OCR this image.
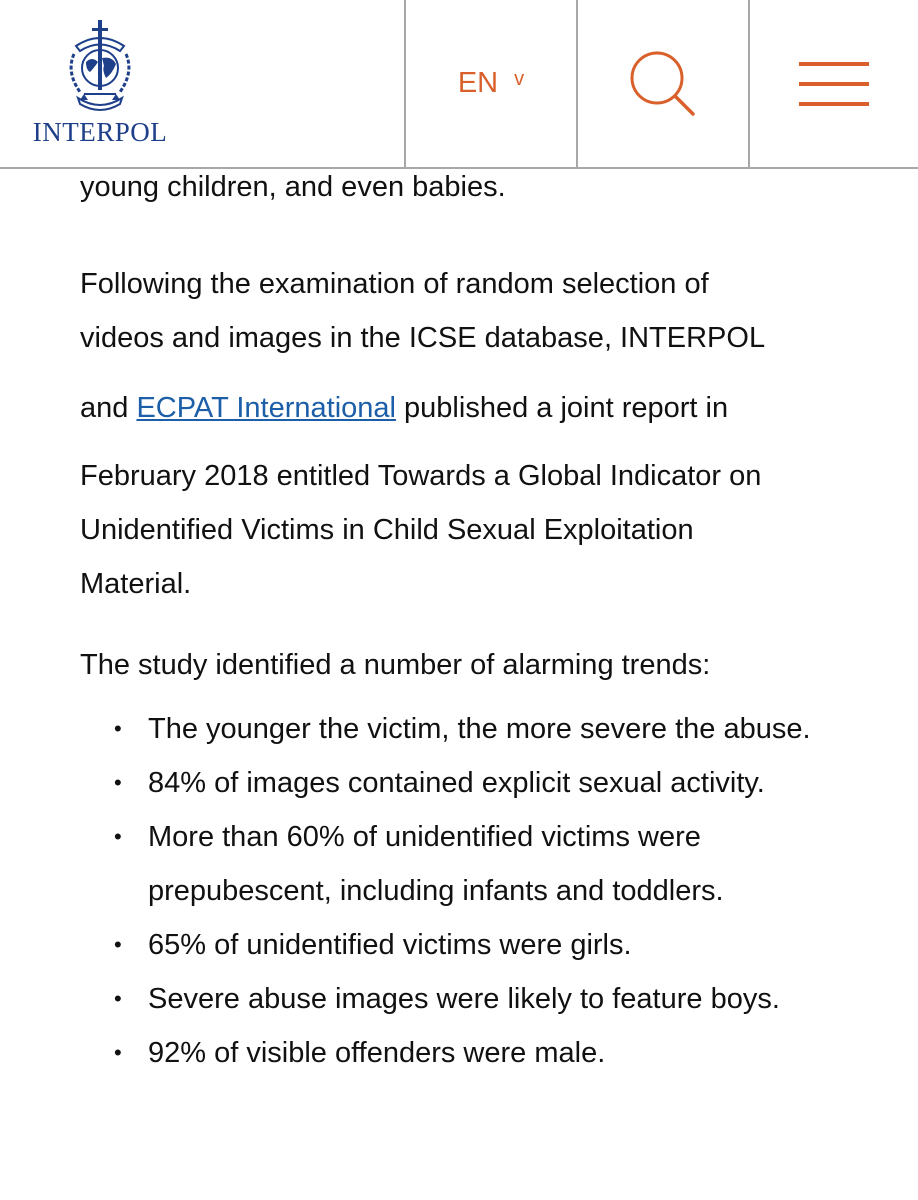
INTERPOL
EN v

young children, and even babies.

Following the examination of random selection of
videos and images in the ICSE database, INTERPOL
and ECPAT International published a joint report in
February 2018 entitled Towards a Global Indicator on
Unidentified Victims in Child Sexual Exploitation
Material.

The study identified a number of alarming trends:

• The younger the victim, the more severe the abuse.
• 84% of images contained explicit sexual activity.
• More than 60% of unidentified victims were prepubescent, including infants and toddlers.
• 65% of unidentified victims were girls.
• Severe abuse images were likely to feature boys.
• 92% of visible offenders were male.
